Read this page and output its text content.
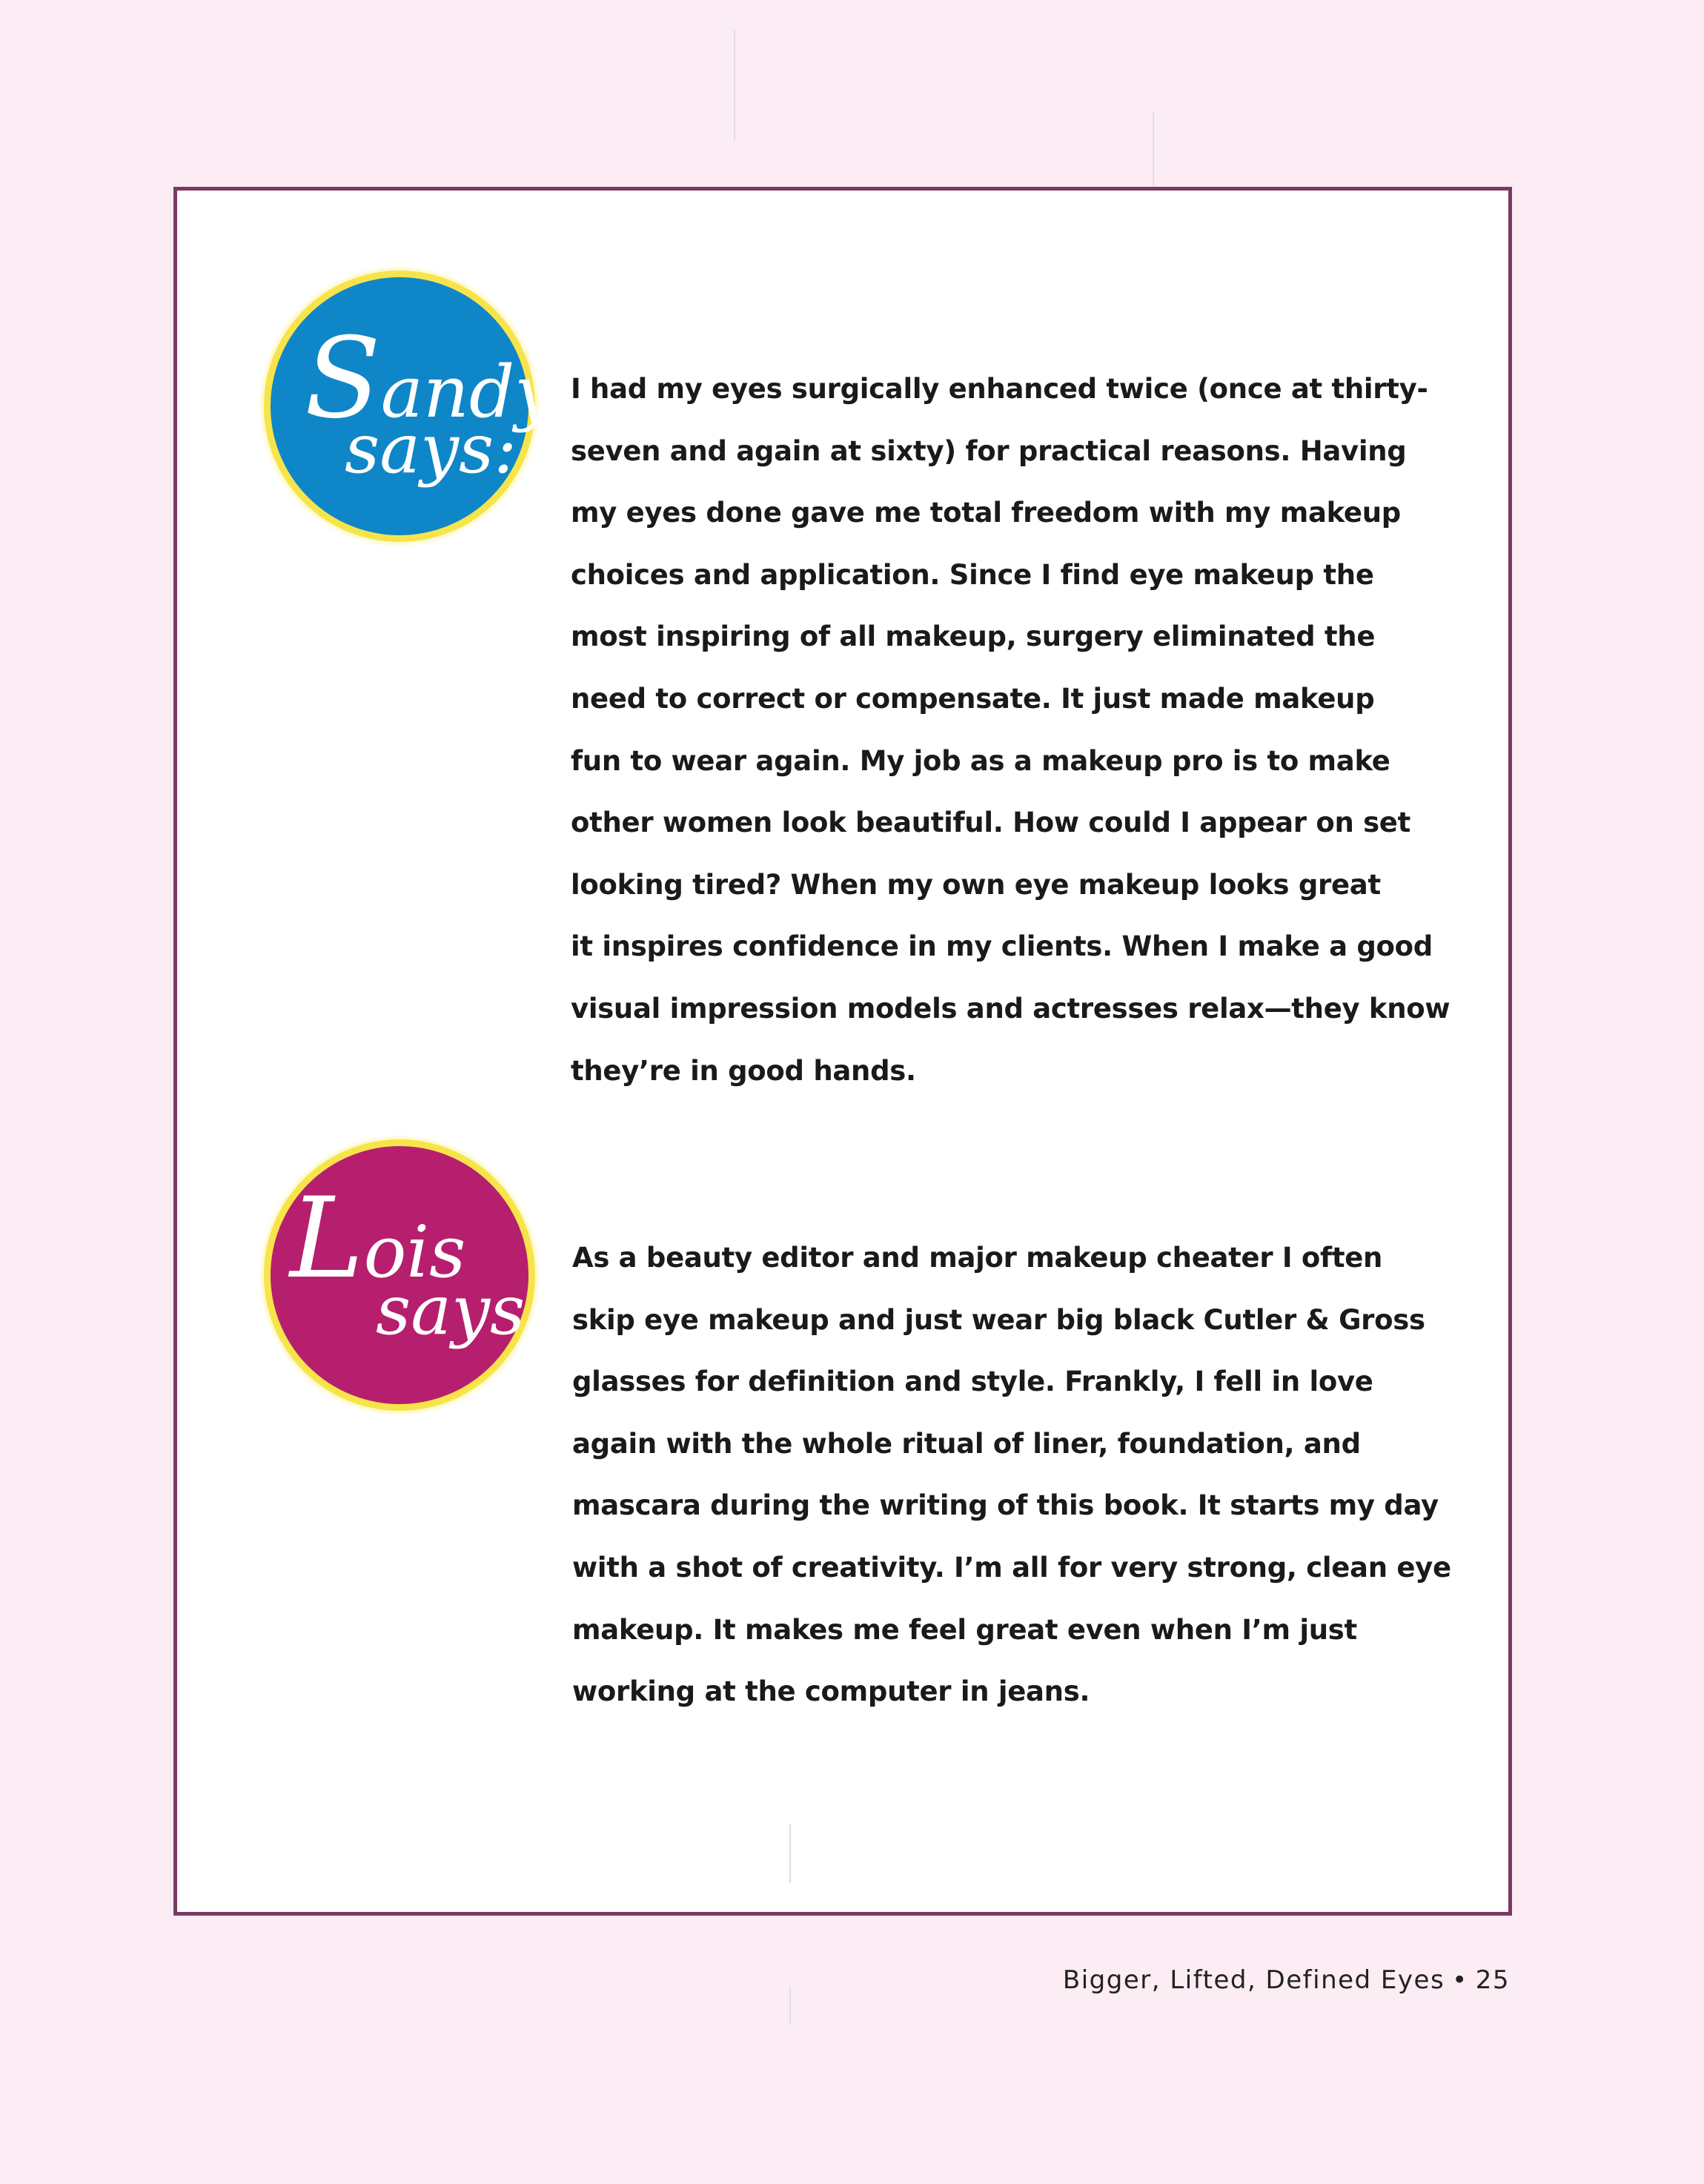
Sandy
says:
I had my eyes surgically enhanced twice (once at thirty-
seven and again at sixty) for practical reasons. Having
my eyes done gave me total freedom with my makeup
choices and application. Since I find eye makeup the
most inspiring of all makeup, surgery eliminated the
need to correct or compensate. It just made makeup
fun to wear again. My job as a makeup pro is to make
other women look beautiful. How could I appear on set
looking tired? When my own eye makeup looks great
it inspires confidence in my clients. When I make a good
visual impression models and actresses relax—they know
they’re in good hands.
Lois
says:
As a beauty editor and major makeup cheater I often
skip eye makeup and just wear big black Cutler & Gross
glasses for definition and style. Frankly, I fell in love
again with the whole ritual of liner, foundation, and
mascara during the writing of this book. It starts my day
with a shot of creativity. I’m all for very strong, clean eye
makeup. It makes me feel great even when I’m just
working at the computer in jeans.
Bigger, Lifted, Defined Eyes • 25
